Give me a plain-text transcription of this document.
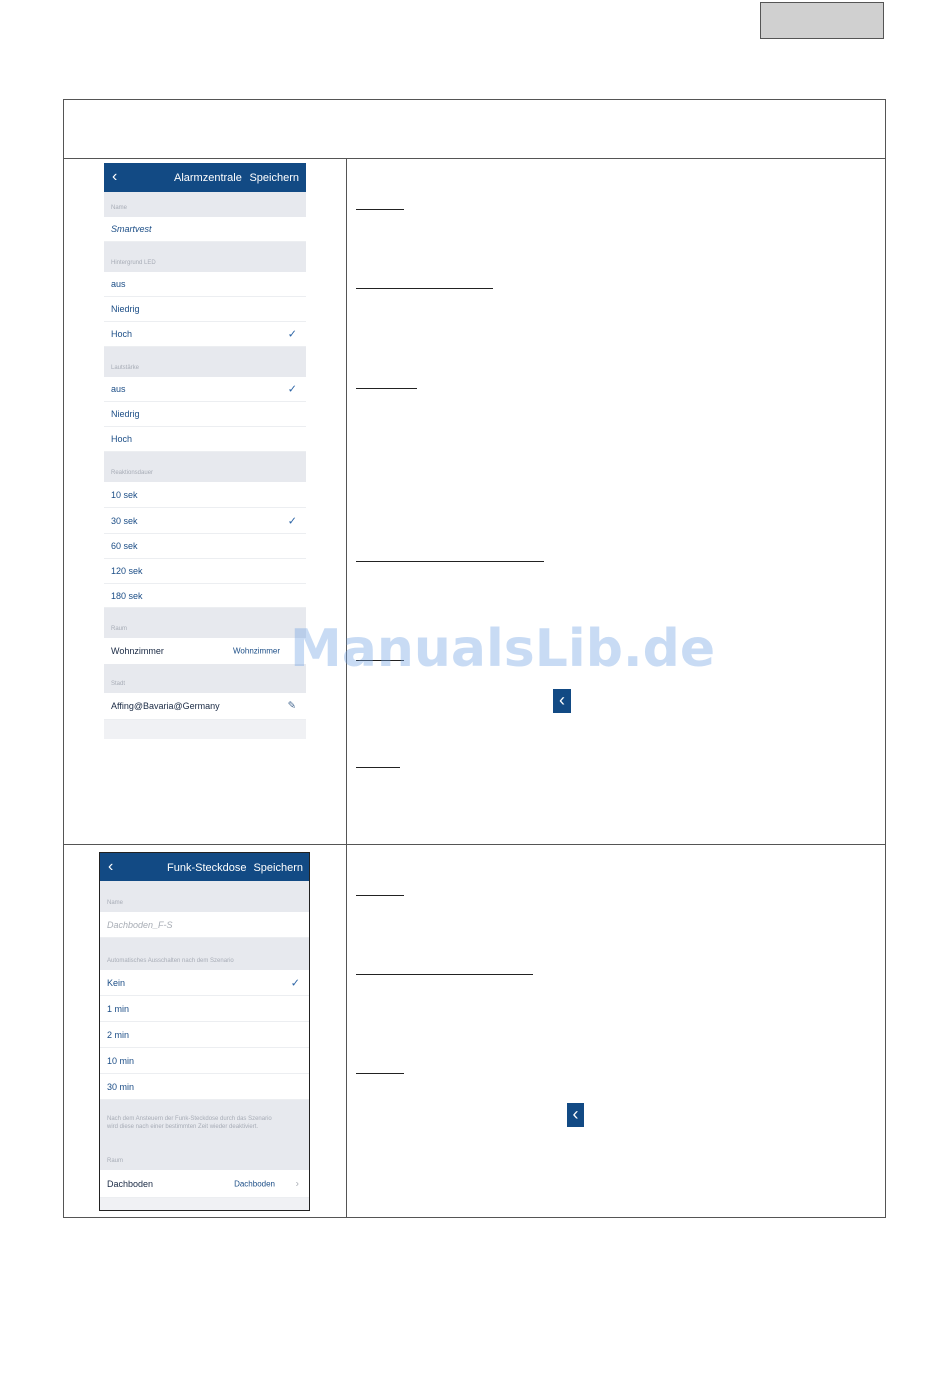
‹	Alarmzentrale Speichern
Name
Smartvest
Hintergrund LED
aus
Niedrig
Hoch	✓
Lautstärke
aus	✓
Niedrig
Hoch
Reaktionsdauer
10 sek
30 sek	✓
60 sek
120 sek
180 sek
Raum
Wohnzimmer	Wohnzimmer
Stadt
Affing@Bavaria@Germany	✎
‹	Funk-Steckdose Speichern
Name
Dachboden_F-S
Automatisches Ausschalten nach dem Szenario
Kein	✓
1 min
2 min
10 min
30 min
Nach dem Ansteuern der Funk-Steckdose durch das Szenario
wird diese nach einer bestimmten Zeit wieder deaktiviert.
Raum
Dachboden	Dachboden ›
‹
‹
ManualsLib.de
